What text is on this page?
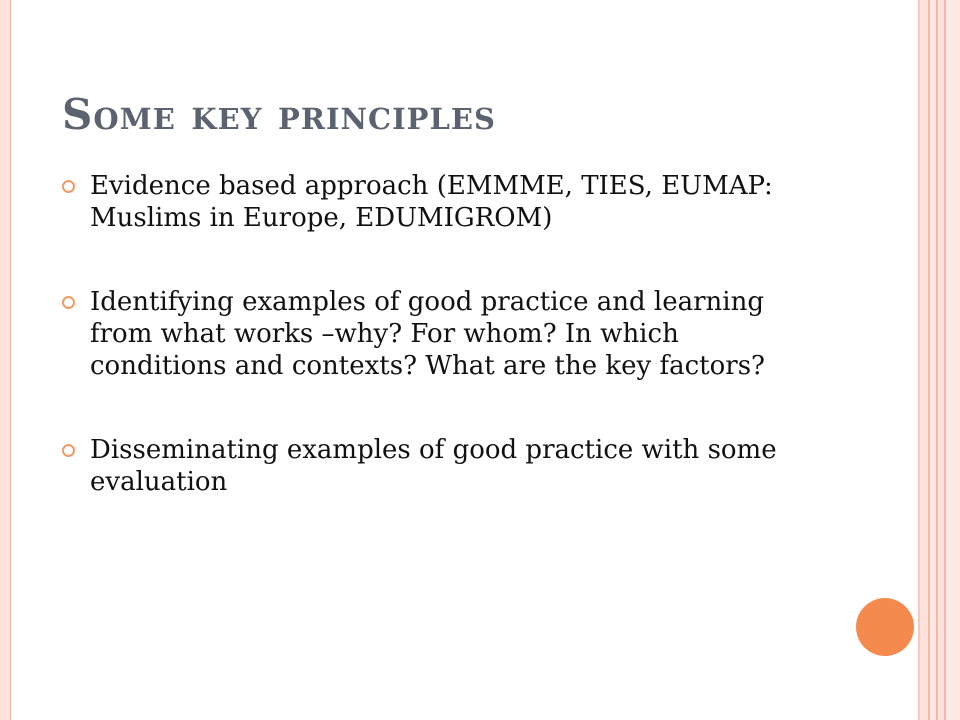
Some key principles
Evidence based approach (EMMME, TIES, EUMAP: Muslims in Europe, EDUMIGROM)
Identifying examples of good practice and learning from what works –why? For whom? In which conditions and contexts? What are the key factors?
Disseminating examples of good practice with some evaluation
